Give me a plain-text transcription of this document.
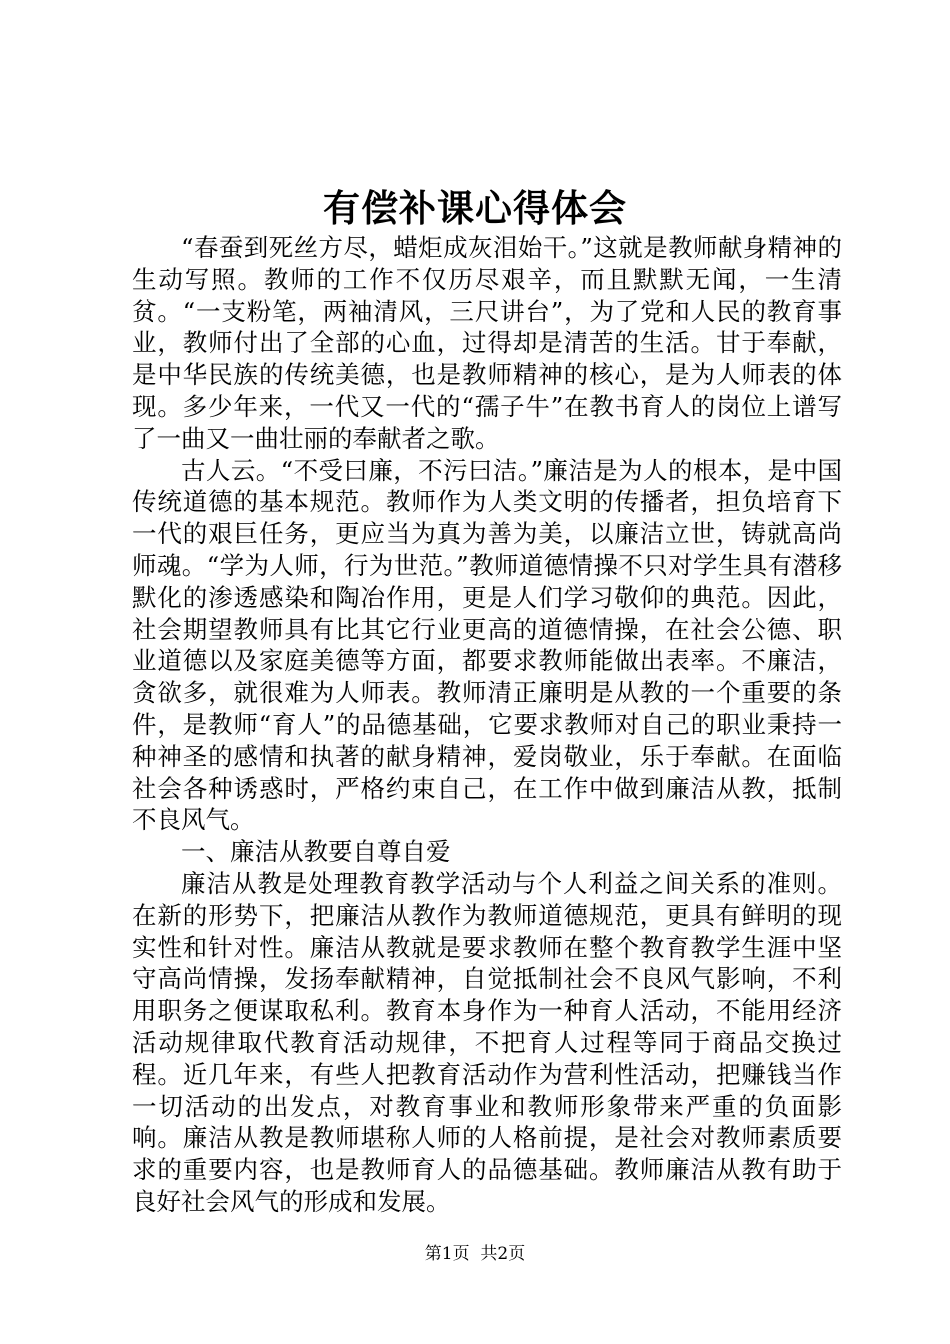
有偿补课心得体会

“春蚕到死丝方尽，蜡炬成灰泪始干。”这就是教师献身精神的生动写照。教师的工作不仅历尽艰辛，而且默默无闻，一生清贫。“一支粉笔，两袖清风，三尺讲台”，为了党和人民的教育事业，教师付出了全部的心血，过得却是清苦的生活。甘于奉献，是中华民族的传统美德，也是教师精神的核心，是为人师表的体现。多少年来，一代又一代的“孺子牛”在教书育人的岗位上谱写了一曲又一曲壮丽的奉献者之歌。

古人云。“不受曰廉，不污曰洁。”廉洁是为人的根本，是中国传统道德的基本规范。教师作为人类文明的传播者，担负培育下一代的艰巨任务，更应当为真为善为美，以廉洁立世，铸就高尚师魂。“学为人师，行为世范。”教师道德情操不只对学生具有潜移默化的渗透感染和陶冶作用，更是人们学习敬仰的典范。因此，社会期望教师具有比其它行业更高的道德情操，在社会公德、职业道德以及家庭美德等方面，都要求教师能做出表率。不廉洁，贪欲多，就很难为人师表。教师清正廉明是从教的一个重要的条件，是教师“育人”的品德基础，它要求教师对自己的职业秉持一种神圣的感情和执著的献身精神，爱岗敬业，乐于奉献。在面临社会各种诱惑时，严格约束自己，在工作中做到廉洁从教，抵制不良风气。

一、廉洁从教要自尊自爱

廉洁从教是处理教育教学活动与个人利益之间关系的准则。在新的形势下，把廉洁从教作为教师道德规范，更具有鲜明的现实性和针对性。廉洁从教就是要求教师在整个教育教学生涯中坚守高尚情操，发扬奉献精神，自觉抵制社会不良风气影响，不利用职务之便谋取私利。教育本身作为一种育人活动，不能用经济活动规律取代教育活动规律，不把育人过程等同于商品交换过程。近几年来，有些人把教育活动作为营利性活动，把赚钱当作一切活动的出发点，对教育事业和教师形象带来严重的负面影响。廉洁从教是教师堪称人师的人格前提，是社会对教师素质要求的重要内容，也是教师育人的品德基础。教师廉洁从教有助于良好社会风气的形成和发展。

第1页 共2页
